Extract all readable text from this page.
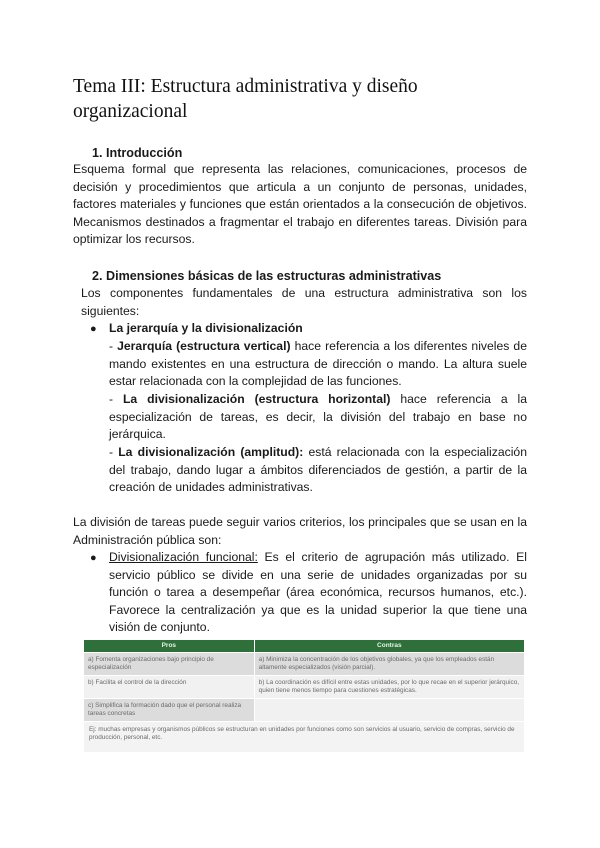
Tema III: Estructura administrativa y diseño
organizacional
1. Introducción
Esquema formal que representa las relaciones, comunicaciones, procesos de
decisión y procedimientos que articula a un conjunto de personas, unidades,
factores materiales y funciones que están orientados a la consecución de objetivos.
Mecanismos destinados a fragmentar el trabajo en diferentes tareas. División para
optimizar los recursos.
2. Dimensiones básicas de las estructuras administrativas
Los componentes fundamentales de una estructura administrativa son los
siguientes:
● La jerarquía y la divisionalización
- Jerarquía (estructura vertical) hace referencia a los diferentes niveles de
mando existentes en una estructura de dirección o mando. La altura suele
estar relacionada con la complejidad de las funciones.
- La divisionalización (estructura horizontal) hace referencia a la
especialización de tareas, es decir, la división del trabajo en base no
jerárquica.
- La divisionalización (amplitud): está relacionada con la especialización
del trabajo, dando lugar a ámbitos diferenciados de gestión, a partir de la
creación de unidades administrativas.
La división de tareas puede seguir varios criterios, los principales que se usan en la
Administración pública son:
● Divisionalización funcional: Es el criterio de agrupación más utilizado. El
servicio público se divide en una serie de unidades organizadas por su
función o tarea a desempeñar (área económica, recursos humanos, etc.).
Favorece la centralización ya que es la unidad superior la que tiene una
visión de conjunto.
Pros	Contras
a) Fomenta organizaciones bajo principio de especialización	a) Minimiza la concentración de los objetivos globales, ya que los empleados están altamente especializados (visión parcial).
b) Facilita el control de la dirección	b) La coordinación es difícil entre estas unidades, por lo que recae en el superior jerárquico, quien tiene menos tiempo para cuestiones estratégicas.
c) Simplifica la formación dado que el personal realiza tareas concretas	
Ej: muchas empresas y organismos públicos se estructuran en unidades por funciones como son servicios al usuario, servicio de compras, servicio de producción, personal, etc.	
